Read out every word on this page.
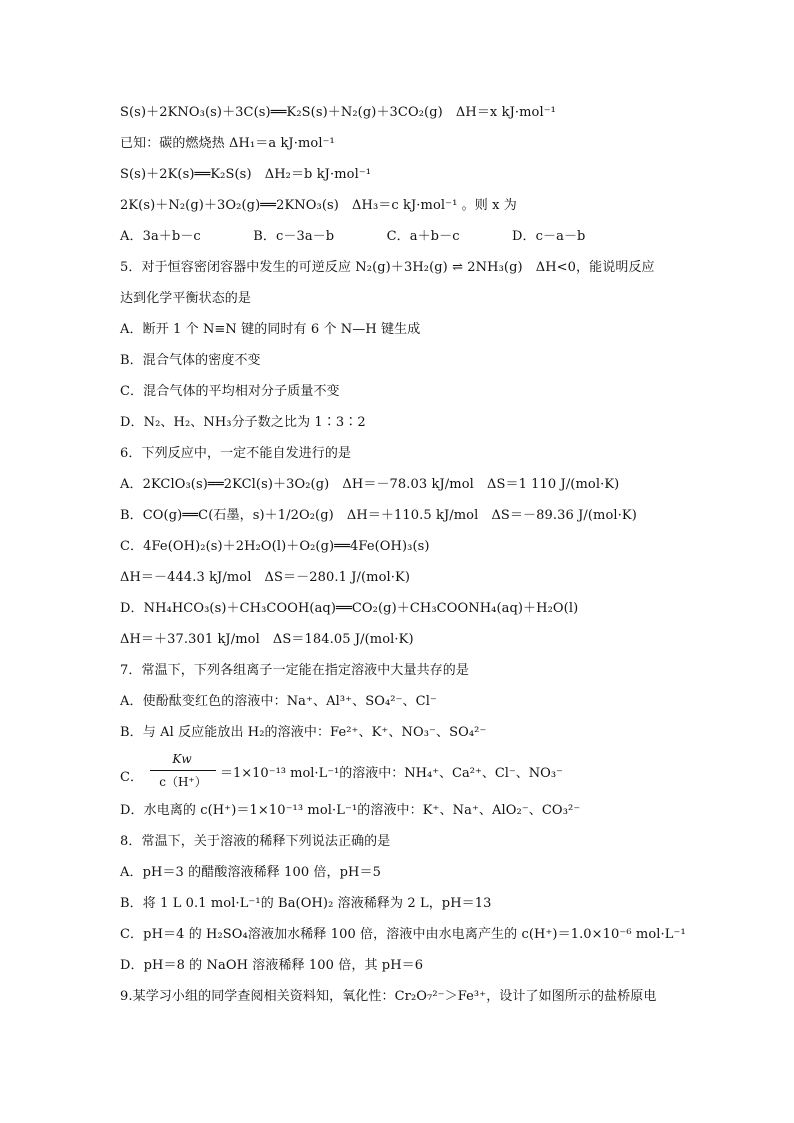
S(s)＋2KNO₃(s)＋3C(s)══K₂S(s)＋N₂(g)＋3CO₂(g)　ΔH＝x kJ·mol⁻¹
已知：碳的燃烧热 ΔH₁＝a kJ·mol⁻¹
S(s)＋2K(s)══K₂S(s)　ΔH₂＝b kJ·mol⁻¹
2K(s)＋N₂(g)＋3O₂(g)══2KNO₃(s)　ΔH₃＝c kJ·mol⁻¹ 。则 x 为
A．3a＋b－c　　　　B．c－3a－b　　　　C．a＋b－c　　　　D．c－a－b
5．对于恒容密闭容器中发生的可逆反应 N₂(g)＋3H₂(g) ⇌ 2NH₃(g)　ΔH<0，能说明反应
达到化学平衡状态的是
A．断开 1 个 N≡N 键的同时有 6 个 N—H 键生成
B．混合气体的密度不变
C．混合气体的平均相对分子质量不变
D．N₂、H₂、NH₃分子数之比为 1∶3∶2
6．下列反应中，一定不能自发进行的是
A．2KClO₃(s)══2KCl(s)＋3O₂(g)　ΔH＝－78.03 kJ/mol　ΔS＝1 110 J/(mol·K)
B．CO(g)══C(石墨，s)＋1/2O₂(g)　ΔH＝＋110.5 kJ/mol　ΔS＝－89.36 J/(mol·K)
C．4Fe(OH)₂(s)＋2H₂O(l)＋O₂(g)══4Fe(OH)₃(s)
ΔH＝－444.3 kJ/mol　ΔS＝－280.1 J/(mol·K)
D．NH₄HCO₃(s)＋CH₃COOH(aq)══CO₂(g)＋CH₃COONH₄(aq)＋H₂O(l)
ΔH＝＋37.301 kJ/mol　ΔS＝184.05 J/(mol·K)
7．常温下，下列各组离子一定能在指定溶液中大量共存的是
A．使酚酞变红色的溶液中：Na⁺、Al³⁺、SO₄²⁻、Cl⁻
B．与 Al 反应能放出 H₂的溶液中：Fe²⁺、K⁺、NO₃⁻、SO₄²⁻
C．
Kw
c（H⁺）
＝1×10⁻¹³ mol·L⁻¹的溶液中：NH₄⁺、Ca²⁺、Cl⁻、NO₃⁻
D．水电离的 c(H⁺)＝1×10⁻¹³ mol·L⁻¹的溶液中：K⁺、Na⁺、AlO₂⁻、CO₃²⁻
8．常温下，关于溶液的稀释下列说法正确的是
A．pH＝3 的醋酸溶液稀释 100 倍，pH＝5
B．将 1 L 0.1 mol·L⁻¹的 Ba(OH)₂ 溶液稀释为 2 L，pH＝13
C．pH＝4 的 H₂SO₄溶液加水稀释 100 倍，溶液中由水电离产生的 c(H⁺)＝1.0×10⁻⁶ mol·L⁻¹
D．pH＝8 的 NaOH 溶液稀释 100 倍，其 pH＝6
9.某学习小组的同学查阅相关资料知，氧化性：Cr₂O₇²⁻＞Fe³⁺，设计了如图所示的盐桥原电
